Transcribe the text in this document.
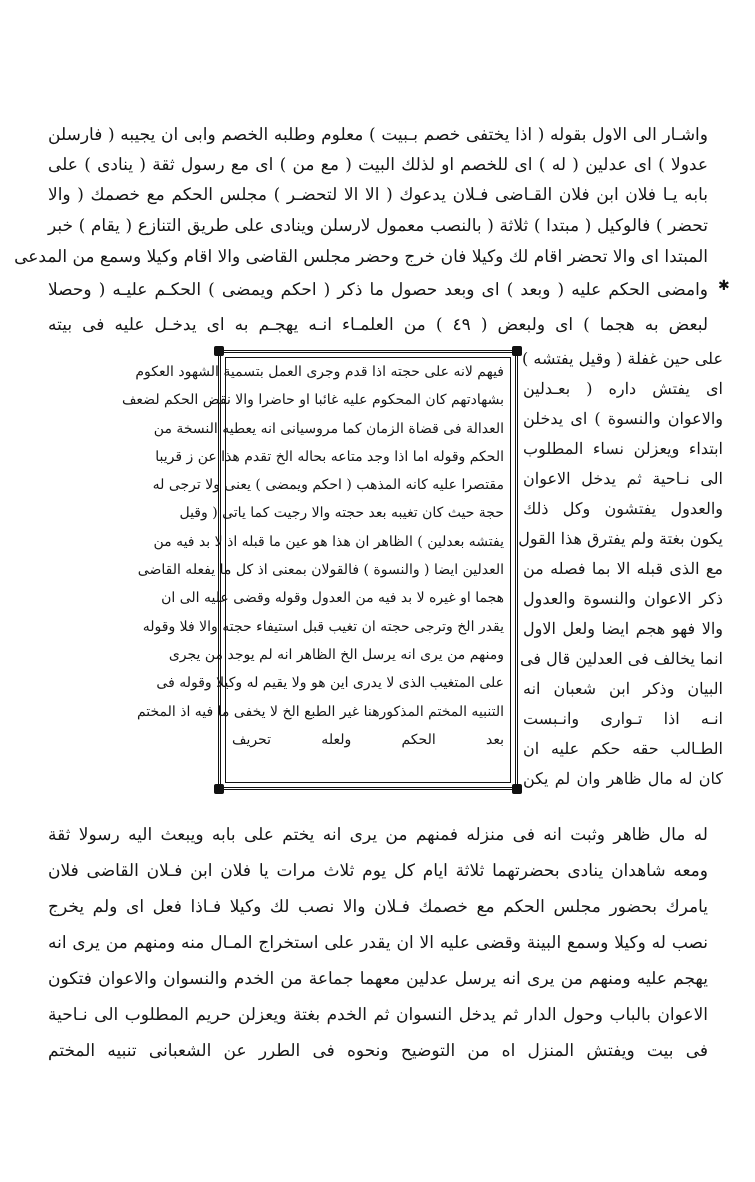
✱
واشـار الى الاول بقوله ( اذا يختفى خصم بـبيت ) معلوم وطلبه الخصم وابى ان يجيبه ( فارسلن
عدولا ) اى عدلين ( له ) اى للخصم او لذلك البيت ( مع من ) اى مع رسول ثقة ( ينادى ) على
بابه يـا فلان ابن فلان القـاضى فـلان يدعوك ( الا الا لتحضـر ) مجلس الحكم مع خصمك ( والا
تحضر ) فالوكيل ( مبتدا ) ثلاثة ( بالنصب معمول لارسلن وينادى على طريق التنازع ( يقام ) خبر
المبتدا اى والا تحضر اقام لك وكيلا فان خرج وحضر مجلس القاضى والا اقام وكيلا وسمع من المدعى
وامضى الحكم عليه ( وبعد ) اى وبعد حصول ما ذكر ( احكم ويمضى ) الحكـم عليـه ( وحصلا
لبعض به هجما ) اى ولبعض ( ٤٩ ) من العلمـاء انـه يهجـم به اى يدخـل عليه فى بيته
فيهم لانه على حجته اذا قدم وجرى العمل بتسمية الشهود العكوم
بشهادتهم كان المحكوم عليه غائبا او حاضرا والا نقض الحكم لضعف
العدالة فى قضاة الزمان كما مروسيانى انه يعطيه النسخة من
الحكم وقوله اما اذا وجد متاعه بحاله الخ تقدم هذا عن ز قريبا
مقتصرا عليه كانه المذهب ( احكم ويمضى ) يعنى ولا ترجى له
حجة حيث كان تغيبه بعد حجته والا رجيت كما ياتى ( وقيل
يفتشه بعدلين ) الظاهر ان هذا هو عين ما قبله اذ لا بد فيه من
العدلين ايضا ( والنسوة ) فالقولان بمعنى اذ كل ما يفعله القاضى
هجما او غيره لا بد فيه من العدول وقوله وقضى عليه الى ان
يقدر الخ وترجى حجته ان تغيب قبل استيفاء حجته والا فلا وقوله
ومنهم من يرى انه يرسل الخ الظاهر انه لم يوجد من يجرى
على المتغيب الذى لا يدرى اين هو ولا يقيم له وكيلا وقوله فى
التنبيه المختم المذكورهنا غير الطبع الخ لا يخفى ما فيه اذ المختم
بعد الحكم ولعله تحريف
على حين غفلة ( وقيل يفتشه )
اى يفتش داره ( بعـدلين
والاعوان والنسوة ) اى يدخلن
ابتداء ويعزلن نساء المطلوب
الى نـاحية ثم يدخل الاعوان
والعدول يفتشون وكل ذلك
يكون بغتة ولم يفترق هذا القول
مع الذى قبله الا بما فصله من
ذكر الاعوان والنسوة والعدول
والا فهو هجم ايضا ولعل الاول
انما يخالف فى العدلين قال فى
البيان وذكر ابن شعبان انه
انـه اذا تـوارى وانـبست
الطـالب حقه حكم عليه ان
كان له مال ظاهر وان لم يكن
له مال ظاهر وثبت انه فى منزله فمنهم من يرى انه يختم على بابه ويبعث اليه رسولا ثقة
ومعه شاهدان ينادى بحضرتهما ثلاثة ايام كل يوم ثلاث مرات يا فلان ابن فـلان القاضى فلان
يامرك بحضور مجلس الحكم مع خصمك فـلان والا نصب لك وكيلا فـاذا فعل اى ولم يخرج
نصب له وكيلا وسمع البينة وقضى عليه الا ان يقدر على استخراج المـال منه ومنهم من يرى انه
يهجم عليه ومنهم من يرى انه يرسل عدلين معهما جماعة من الخدم والنسوان والاعوان فتكون
الاعوان بالباب وحول الدار ثم يدخل النسوان ثم الخدم بغتة ويعزلن حريم المطلوب الى نـاحية
فى بيت ويفتش المنزل اه من التوضيح ونحوه فى الطرر عن الشعبانى تنبيه المختم
